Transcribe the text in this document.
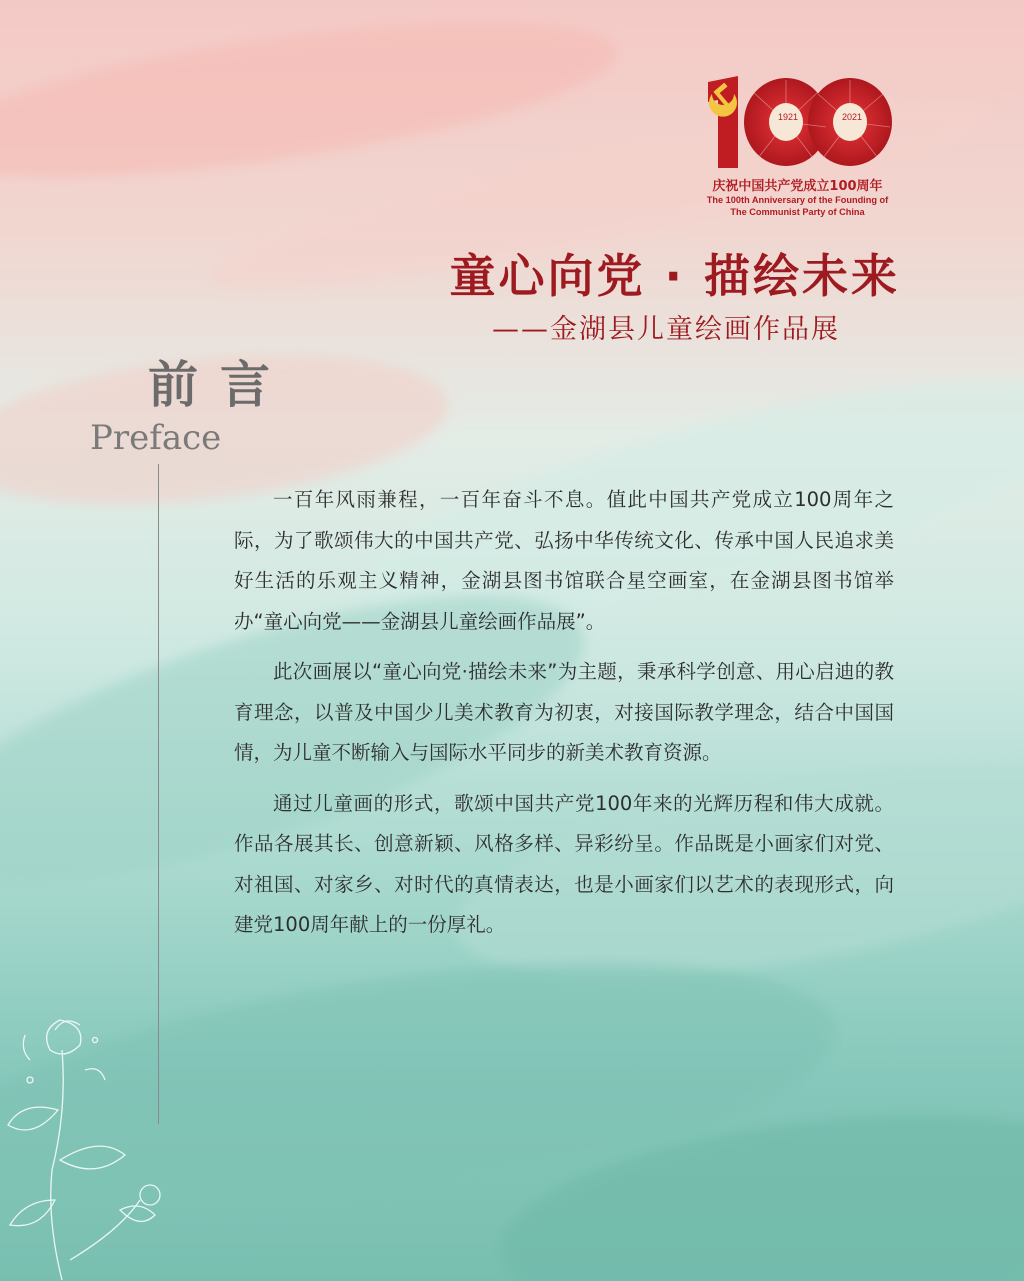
1921	2021
庆祝中国共产党成立100周年
The 100th Anniversary of the Founding of
The Communist Party of China
童心向党 · 描绘未来
——金湖县儿童绘画作品展
前言
Preface

一百年风雨兼程，一百年奋斗不息。值此中国共产党成立100周年之际，为了歌颂伟大的中国共产党、弘扬中华传统文化、传承中国人民追求美好生活的乐观主义精神，金湖县图书馆联合星空画室，在金湖县图书馆举办“童心向党——金湖县儿童绘画作品展”。

此次画展以“童心向党·描绘未来”为主题，秉承科学创意、用心启迪的教育理念，以普及中国少儿美术教育为初衷，对接国际教学理念，结合中国国情，为儿童不断输入与国际水平同步的新美术教育资源。

通过儿童画的形式，歌颂中国共产党100年来的光辉历程和伟大成就。作品各展其长、创意新颖、风格多样、异彩纷呈。作品既是小画家们对党、对祖国、对家乡、对时代的真情表达，也是小画家们以艺术的表现形式，向建党100周年献上的一份厚礼。
